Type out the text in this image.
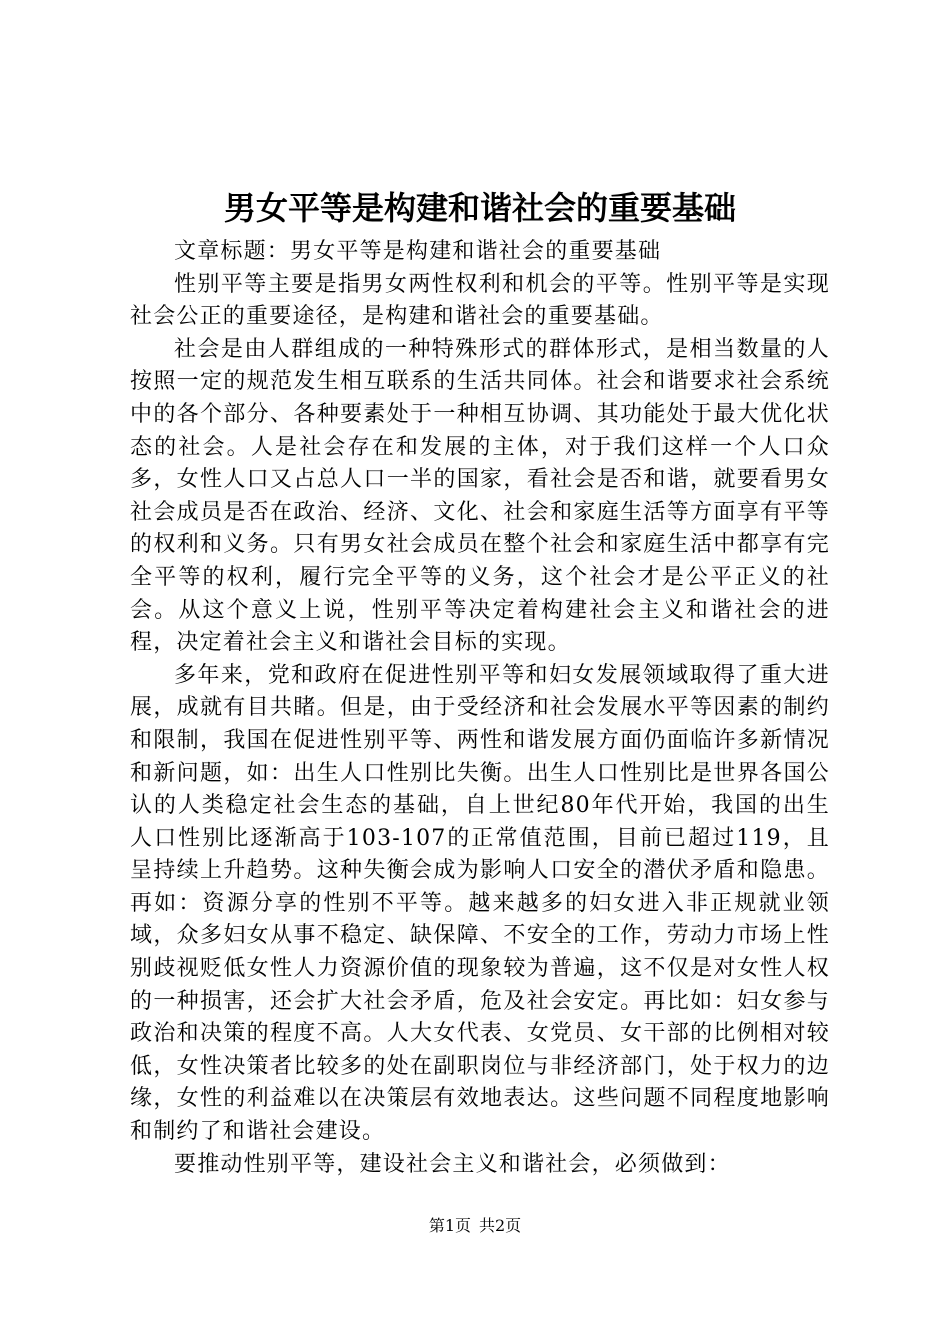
男女平等是构建和谐社会的重要基础

文章标题：男女平等是构建和谐社会的重要基础

性别平等主要是指男女两性权利和机会的平等。性别平等是实现社会公正的重要途径，是构建和谐社会的重要基础。

社会是由人群组成的一种特殊形式的群体形式，是相当数量的人按照一定的规范发生相互联系的生活共同体。社会和谐要求社会系统中的各个部分、各种要素处于一种相互协调、其功能处于最大优化状态的社会。人是社会存在和发展的主体，对于我们这样一个人口众多，女性人口又占总人口一半的国家，看社会是否和谐，就要看男女社会成员是否在政治、经济、文化、社会和家庭生活等方面享有平等的权利和义务。只有男女社会成员在整个社会和家庭生活中都享有完全平等的权利，履行完全平等的义务，这个社会才是公平正义的社会。从这个意义上说，性别平等决定着构建社会主义和谐社会的进程，决定着社会主义和谐社会目标的实现。

多年来，党和政府在促进性别平等和妇女发展领域取得了重大进展，成就有目共睹。但是，由于受经济和社会发展水平等因素的制约和限制，我国在促进性别平等、两性和谐发展方面仍面临许多新情况和新问题，如：出生人口性别比失衡。出生人口性别比是世界各国公认的人类稳定社会生态的基础，自上世纪80年代开始，我国的出生人口性别比逐渐高于103-107的正常值范围，目前已超过119，且呈持续上升趋势。这种失衡会成为影响人口安全的潜伏矛盾和隐患。再如：资源分享的性别不平等。越来越多的妇女进入非正规就业领域，众多妇女从事不稳定、缺保障、不安全的工作，劳动力市场上性别歧视贬低女性人力资源价值的现象较为普遍，这不仅是对女性人权的一种损害，还会扩大社会矛盾，危及社会安定。再比如：妇女参与政治和决策的程度不高。人大女代表、女党员、女干部的比例相对较低，女性决策者比较多的处在副职岗位与非经济部门，处于权力的边缘，女性的利益难以在决策层有效地表达。这些问题不同程度地影响和制约了和谐社会建设。

要推动性别平等，建设社会主义和谐社会，必须做到：

第1页 共2页
